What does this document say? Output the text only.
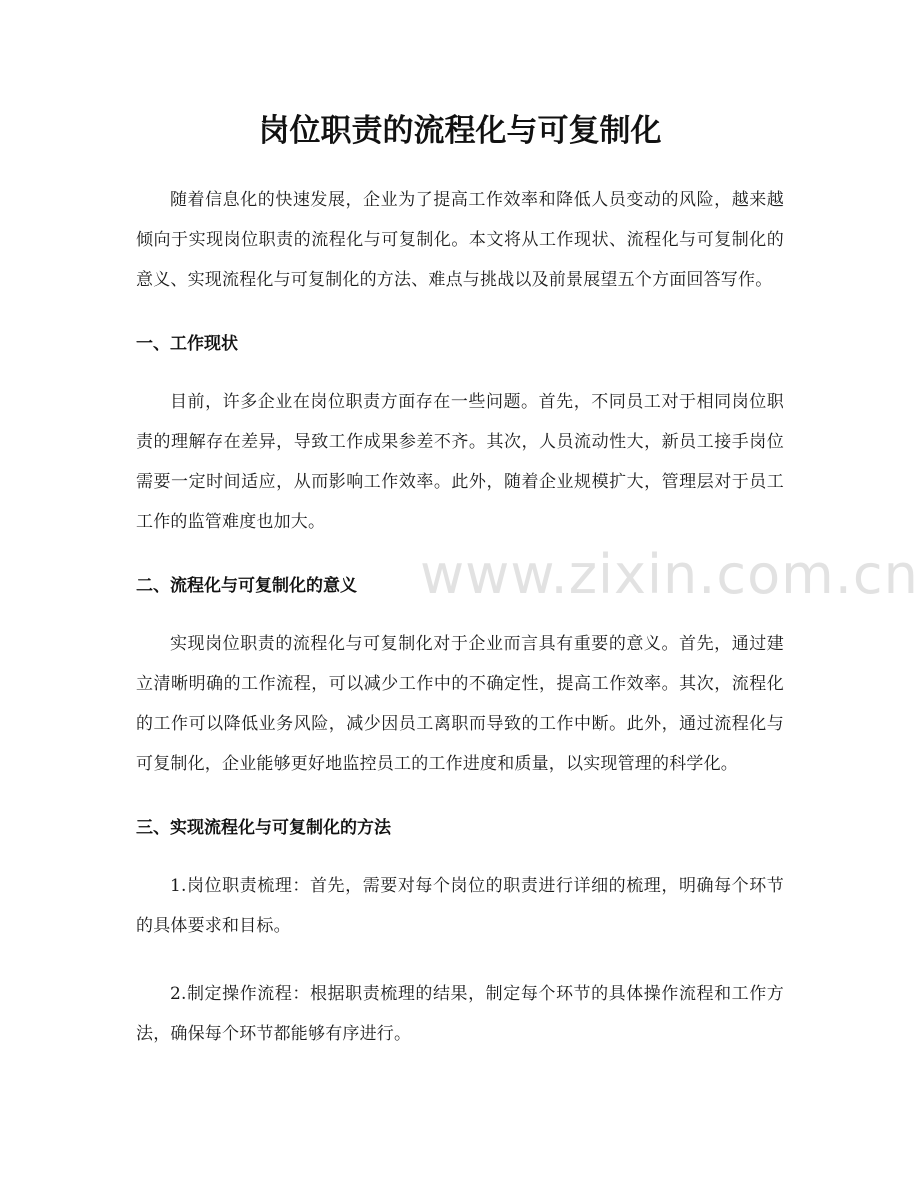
岗位职责的流程化与可复制化

随着信息化的快速发展，企业为了提高工作效率和降低人员变动的风险，越来越倾向于实现岗位职责的流程化与可复制化。本文将从工作现状、流程化与可复制化的意义、实现流程化与可复制化的方法、难点与挑战以及前景展望五个方面回答写作。

一、工作现状

目前，许多企业在岗位职责方面存在一些问题。首先，不同员工对于相同岗位职责的理解存在差异，导致工作成果参差不齐。其次，人员流动性大，新员工接手岗位需要一定时间适应，从而影响工作效率。此外，随着企业规模扩大，管理层对于员工工作的监管难度也加大。

二、流程化与可复制化的意义

实现岗位职责的流程化与可复制化对于企业而言具有重要的意义。首先，通过建立清晰明确的工作流程，可以减少工作中的不确定性，提高工作效率。其次，流程化的工作可以降低业务风险，减少因员工离职而导致的工作中断。此外，通过流程化与可复制化，企业能够更好地监控员工的工作进度和质量，以实现管理的科学化。

三、实现流程化与可复制化的方法

1.岗位职责梳理：首先，需要对每个岗位的职责进行详细的梳理，明确每个环节的具体要求和目标。

2.制定操作流程：根据职责梳理的结果，制定每个环节的具体操作流程和工作方法，确保每个环节都能够有序进行。

www.zixin.com.cn
